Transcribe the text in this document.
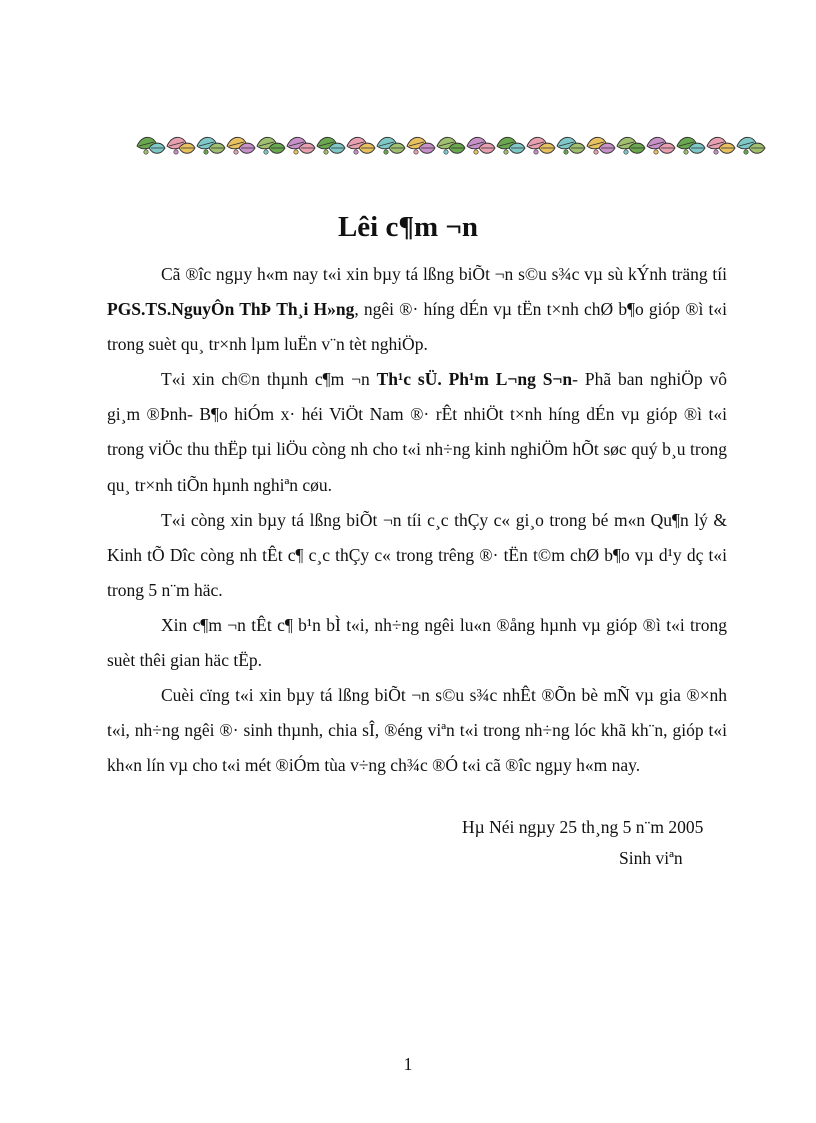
Lêi c¶m ¬n

Cã ®îc ngµy h«m nay t«i xin bµy tá lßng biÕt ¬n s©u s¾c vµ sù kÝnh träng tíi PGS.TS.NguyÔn ThÞ Th¸i H»ng, ngêi ®· híng dÉn vµ tËn t×nh chØ b¶o gióp ®ì t«i trong suèt qu¸ tr×nh lµm luËn v¨n tèt nghiÖp.

T«i xin ch©n thµnh c¶m ¬n Th¹c sÜ. Ph¹m L¬ng S¬n- Phã ban nghiÖp vô gi¸m ®Þnh- B¶o hiÓm x· héi ViÖt Nam ®· rÊt nhiÖt t×nh híng dÉn vµ gióp ®ì t«i trong viÖc thu thËp tµi liÖu còng nh cho t«i nh÷ng kinh nghiÖm hÕt søc quý b¸u trong qu¸ tr×nh tiÕn hµnh nghiªn cøu.

T«i còng xin bµy tá lßng biÕt ¬n tíi c¸c thÇy c« gi¸o trong bé m«n Qu¶n lý & Kinh tÕ Dîc còng nh tÊt c¶ c¸c thÇy c« trong trêng ®· tËn t©m chØ b¶o vµ d¹y dç t«i trong 5 n¨m häc.

Xin c¶m ¬n tÊt c¶ b¹n bÌ t«i, nh÷ng ngêi lu«n ®ång hµnh vµ gióp ®ì t«i trong suèt thêi gian häc tËp.

Cuèi cïng t«i xin bµy tá lßng biÕt ¬n s©u s¾c nhÊt ®Õn bè mÑ vµ gia ®×nh t«i, nh÷ng ngêi ®· sinh thµnh, chia sÎ, ®éng viªn t«i trong nh÷ng lóc khã kh¨n, gióp t«i kh«n lín vµ cho t«i mét ®iÓm tùa v÷ng ch¾c ®Ó t«i cã ®îc ngµy h«m nay.

Hµ Néi ngµy 25 th¸ng 5 n¨m 2005
Sinh viªn
1
